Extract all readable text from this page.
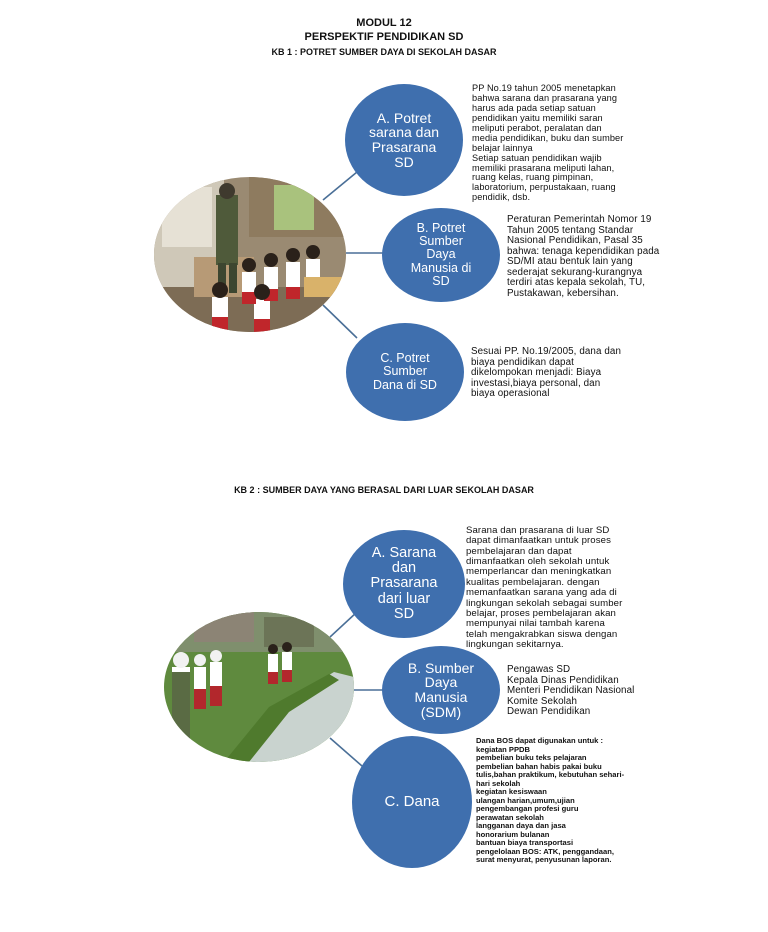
MODUL 12
PERSPEKTIF PENDIDIKAN SD
KB 1 : POTRET SUMBER DAYA DI SEKOLAH DASAR
KB 2 : SUMBER DAYA YANG BERASAL DARI LUAR SEKOLAH DASAR
A. Potret
sarana dan
Prasarana
SD
B. Potret
Sumber
Daya
Manusia di
SD
C. Potret
Sumber
Dana di SD
PP No.19 tahun 2005 menetapkan
bahwa sarana dan prasarana yang
harus ada pada setiap satuan
pendidikan yaitu memiliki saran
meliputi perabot, peralatan dan
media pendidikan, buku dan sumber
belajar lainnya
Setiap satuan pendidikan wajib
memiliki prasarana meliputi lahan,
ruang kelas, ruang pimpinan,
laboratorium, perpustakaan, ruang
pendidik, dsb.
Peraturan Pemerintah Nomor 19
Tahun 2005 tentang Standar
Nasional Pendidikan, Pasal 35
bahwa: tenaga kependidikan pada
SD/MI atau bentuk lain yang
sederajat sekurang-kurangnya
terdiri atas kepala sekolah, TU,
Pustakawan, kebersihan.
Sesuai PP. No.19/2005, dana dan
biaya pendidikan dapat
dikelompokan menjadi: Biaya
investasi,biaya personal, dan
biaya operasional
A. Sarana
dan
Prasarana
dari luar
SD
B. Sumber
Daya
Manusia
(SDM)
C. Dana
Sarana dan prasarana di luar SD
dapat dimanfaatkan untuk proses
pembelajaran dan dapat
dimanfaatkan oleh sekolah untuk
memperlancar dan meningkatkan
kualitas pembelajaran. dengan
memanfaatkan sarana yang ada di
lingkungan sekolah sebagai sumber
belajar, proses pembelajaran akan
mempunyai nilai tambah karena
telah mengakrabkan siswa dengan
lingkungan sekitarnya.
Pengawas SD
Kepala Dinas Pendidikan
Menteri Pendidikan Nasional
Komite Sekolah
Dewan Pendidikan
Dana BOS dapat digunakan untuk :
kegiatan PPDB
pembelian buku teks pelajaran
pembelian bahan habis pakai buku
tulis,bahan praktikum, kebutuhan sehari-
hari sekolah
kegiatan kesiswaan
ulangan harian,umum,ujian
pengembangan profesi guru
perawatan sekolah
langganan daya dan jasa
honorarium bulanan
bantuan biaya transportasi
pengelolaan BOS: ATK, penggandaan,
surat menyurat, penyusunan laporan.
